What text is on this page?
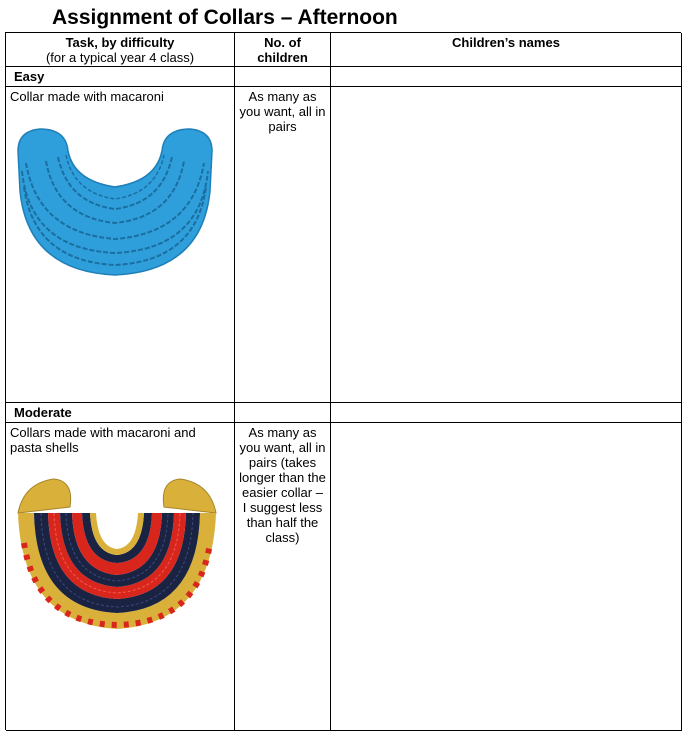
Assignment of Collars – Afternoon
Task, by difficulty
(for a typical year 4 class)
No. of children
Children’s names
Easy
Collar made with macaroni	As many as you want, all in pairs
Moderate
Collars made with macaroni and pasta shells
As many as you want, all in pairs (takes longer than the easier collar – I suggest less than half the class)
